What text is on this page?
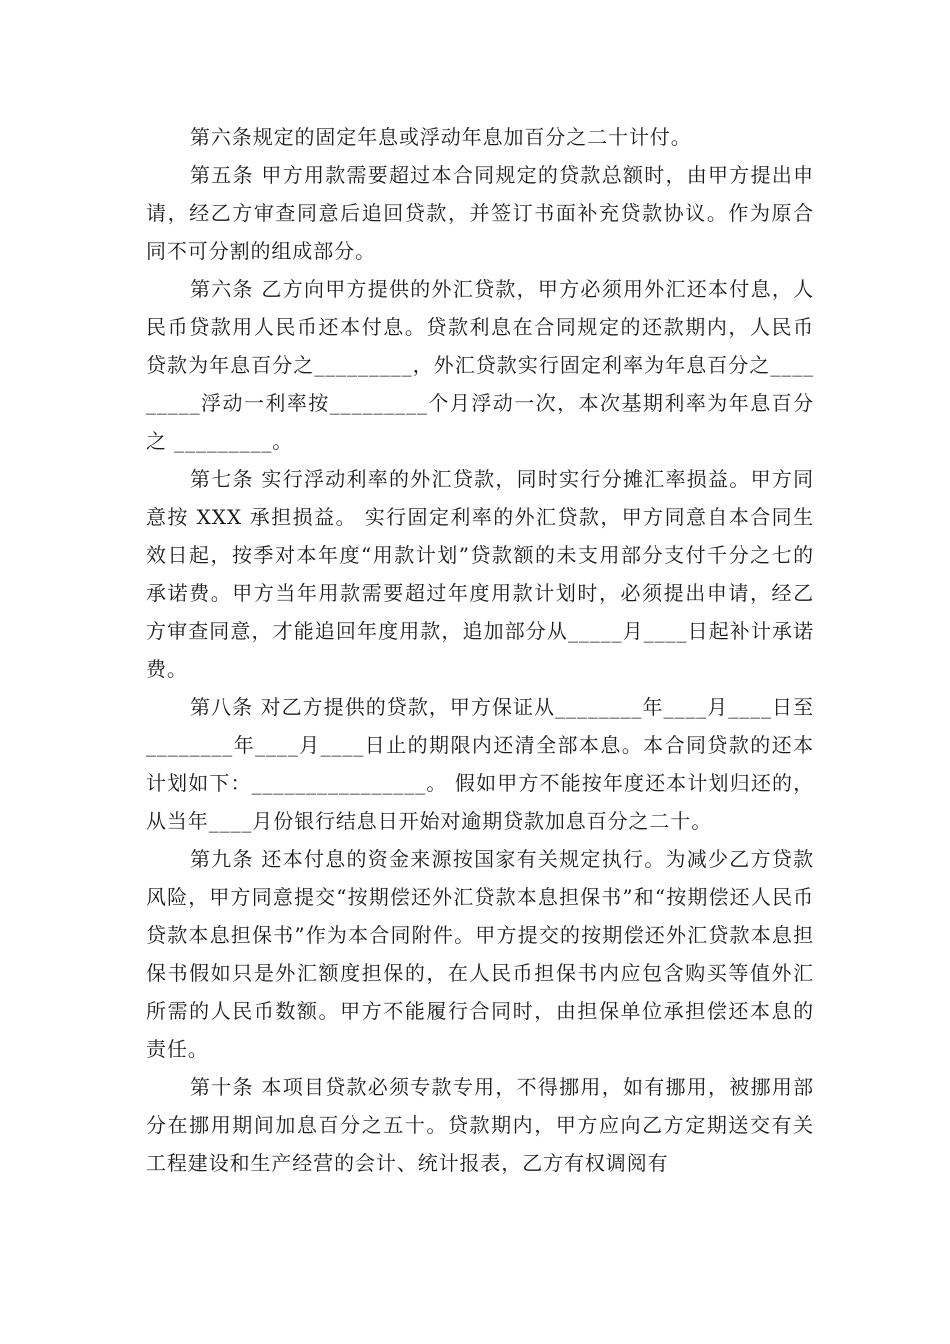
第六条规定的固定年息或浮动年息加百分之二十计付。

第五条 甲方用款需要超过本合同规定的贷款总额时，由甲方提出申请，经乙方审查同意后追回贷款，并签订书面补充贷款协议。作为原合同不可分割的组成部分。

第六条 乙方向甲方提供的外汇贷款，甲方必须用外汇还本付息，人民币贷款用人民币还本付息。贷款利息在合同规定的还款期内，人民币贷款为年息百分之_________，外汇贷款实行固定利率为年息百分之_________浮动一利率按_________个月浮动一次，本次基期利率为年息百分之 _________。

第七条 实行浮动利率的外汇贷款，同时实行分摊汇率损益。甲方同意按 XXX 承担损益。 实行固定利率的外汇贷款，甲方同意自本合同生效日起，按季对本年度“用款计划”贷款额的未支用部分支付千分之七的承诺费。甲方当年用款需要超过年度用款计划时，必须提出申请，经乙方审查同意，才能追回年度用款，追加部分从_____月____日起补计承诺费。

第八条 对乙方提供的贷款，甲方保证从________年____月____日至________年____月____日止的期限内还清全部本息。本合同贷款的还本计划如下：________________。 假如甲方不能按年度还本计划归还的，从当年____月份银行结息日开始对逾期贷款加息百分之二十。

第九条 还本付息的资金来源按国家有关规定执行。为减少乙方贷款风险，甲方同意提交“按期偿还外汇贷款本息担保书”和“按期偿还人民币贷款本息担保书”作为本合同附件。甲方提交的按期偿还外汇贷款本息担保书假如只是外汇额度担保的，在人民币担保书内应包含购买等值外汇所需的人民币数额。甲方不能履行合同时，由担保单位承担偿还本息的责任。

第十条 本项目贷款必须专款专用，不得挪用，如有挪用，被挪用部分在挪用期间加息百分之五十。贷款期内，甲方应向乙方定期送交有关工程建设和生产经营的会计、统计报表，乙方有权调阅有
